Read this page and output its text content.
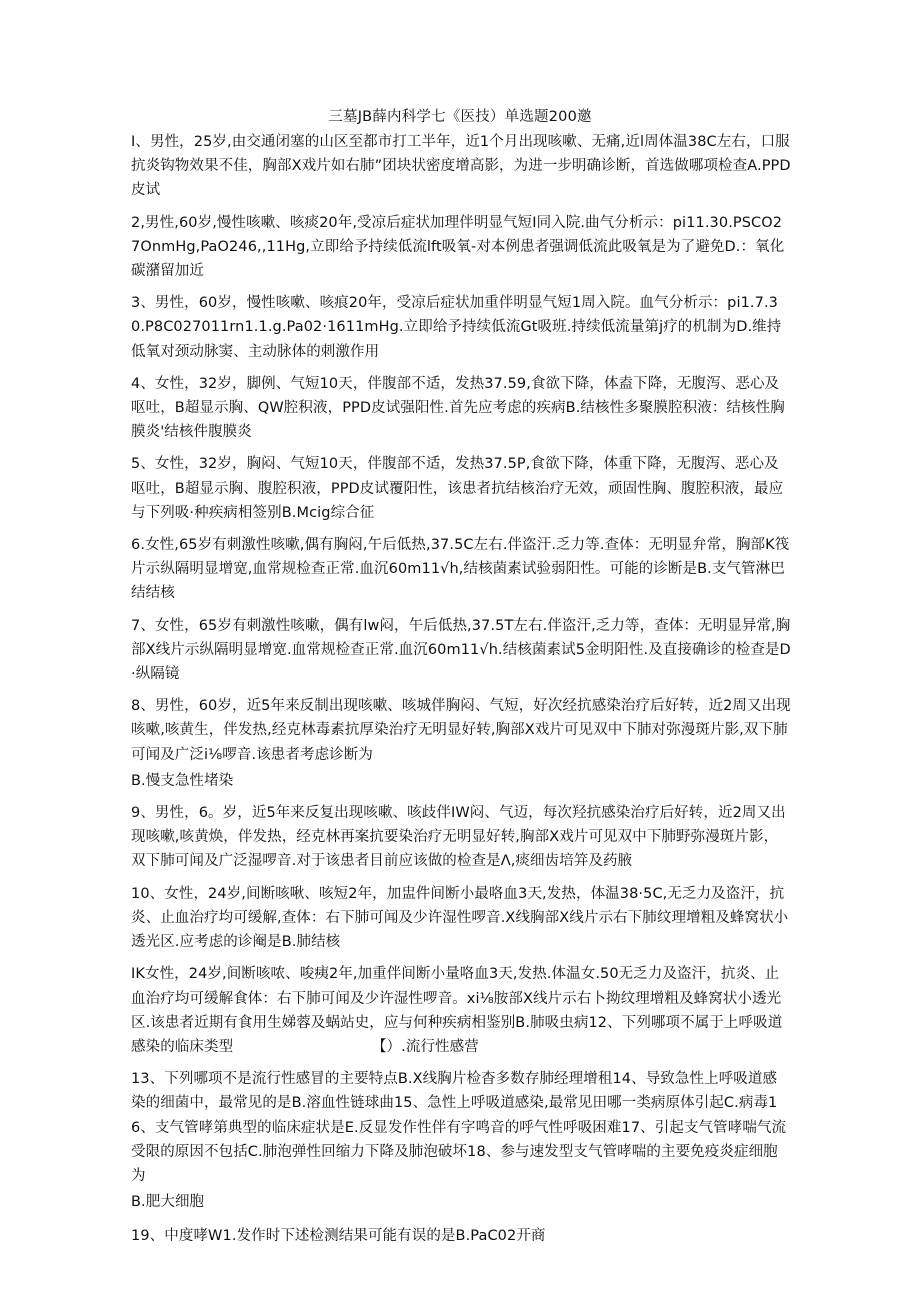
三墓JB薛内科学七《医技）单选题200邀

I、男性，25岁,由交通闭塞的山区至都市打工半年，近1个月出现咳嗽、无痛,近l周体温38C左右，口服抗炎钩物效果不佳，胸部X戏片如右肺”团块状密度增高影，为进一步明确诊断，首选做哪项检查A.PPD皮试

2,男性,60岁,慢性咳嗽、咳痰20年,受凉后症状加理伴明显气短I同入院.曲气分析示：pi11.30.PSCO27OnmHg,PaO246,,11Hg,立即给予持续低流lft吸氧-对本例患者强调低流此吸氧是为了避免D.：氧化碳潴留加近

3、男性，60岁，慢性咳嗽、咳痕20年，受凉后症状加重伴明显气短1周入院。血气分析示：pi1.7.30.P8C027011rn1.1.g.Pa02·1611mHg.立即给予持续低流Gt吸班.持续低流量第j疗的机制为D.维持低氧对颈动脉窦、主动脉体的刺激作用

4、女性，32岁，脚例、气短10天，伴腹部不适，发热37.59,食欲下降，体盍下降，无腹泻、恶心及呕吐，B超显示胸、QW腔积液，PPD皮试强阳性.首先应考虑的疾病B.结核性多聚膜腔积液：结核性胸膜炎'结核件腹膜炎

5、女性，32岁，胸闷、气短10天，伴腹部不适，发热37.5P,食欲下降，体重下降，无腹泻、恶心及呕吐，B超显示胸、腹腔积液，PPD皮试覆阳性，该患者抗结核治疗无效，顽固性胸、腹腔积液，最应与下列吸·种疾病相签别B.Mcig综合征

6.女性,65岁有刺激性咳嗽,偶有胸闷,午后低热,37.5C左右.伴盗汗.乏力等.查体：无明显弁常，胸部K筏片示纵隔明显增宽,血常规检查正常.血沉60m11√h,结核菌素试验弱阳性。可能的诊断是B.支气管淋巴结结核

7、女性，65岁有刺激性咳嗽，偶有lw闷，午后低热,37.5T左右.伴盗汗,乏力等，查体：无明显异常,胸部X线片示纵隔明显增宽.血常规检查正常.血沉60m11√h.结核菌素试5金明阳性.及直接确诊的检查是D·纵隔镜

8、男性，60岁，近5年来反制出现咳嗽、咳城伴胸闷、气短，好次经抗感染治疗后好转，近2周又出现咳嗽,咳黄生，伴发热,经克林毒素抗厚染治疗无明显好转,胸部X戏片可见双中下肺对弥漫斑片影,双下肺可闻及广泛i⅛啰音.该患者考虑诊断为

B.慢支急性堵染

9、男性，6。岁，近5年来反复出现咳嗽、咳歧伴IW闷、气迈，每次羟抗感染治疗后好转，近2周又出现咳嗽,咳黄焕，伴发热，经克林再案抗要染治疗无明显好转,胸部X戏片可见双中下肺野弥漫斑片影，双下肺可闻及广泛湿啰音.对于该患者目前应该做的检查是Λ,痰细齿培笄及药腋

10、女性，24岁,间断咳啾、咳短2年，加盅件间断小最咯血3天,发热，体温38·5C,无乏力及盗汗，抗炎、止血治疗均可缓解,查体：右下肺可闻及少许湿性啰音.X线胸部X线片示右下肺纹理增粗及蜂窝状小透光区.应考虑的诊阉是B.肺结核

IK女性，24岁,间断咳哝、唆痍2年,加重伴间断小量咯血3天,发热.体温女.50无乏力及盗汗，抗炎、止血治疗均可缓解食体：右下肺可闻及少许湿性啰音。xi⅛胺部X线片示右卜拗纹理增粗及蜂窝状小透光区.该患者近期有食用生娣蓉及蜗站史，应与何种疾病相鉴别B.肺吸虫病12、下列哪项不属于上呼吸道感染的临床类型　　　　　　　　　　【）.流行性感营

13、下列哪项不是流行性感冒的主要特点B.X线胸片检杳多数存肺经理增租14、导致急性上呼吸道感染的细菌中，最常见的是B.溶血性链球曲15、急性上呼吸道感染,最常见田哪一类病原体引起C.病毒16、支气管哮第典型的临床症状是E.反显发作性伴有字鸣音的呼气性呼吸困难17、引起支气管哮喘气流受限的原因不包括C.肺泡弹性回缩力下降及肺泡破坏18、参与速发型支气管哮喘的主要免疫炎症细胞为

B.肥大细胞

19、中度哮W1.发作时下述检测结果可能有误的是B.PaC02开商
